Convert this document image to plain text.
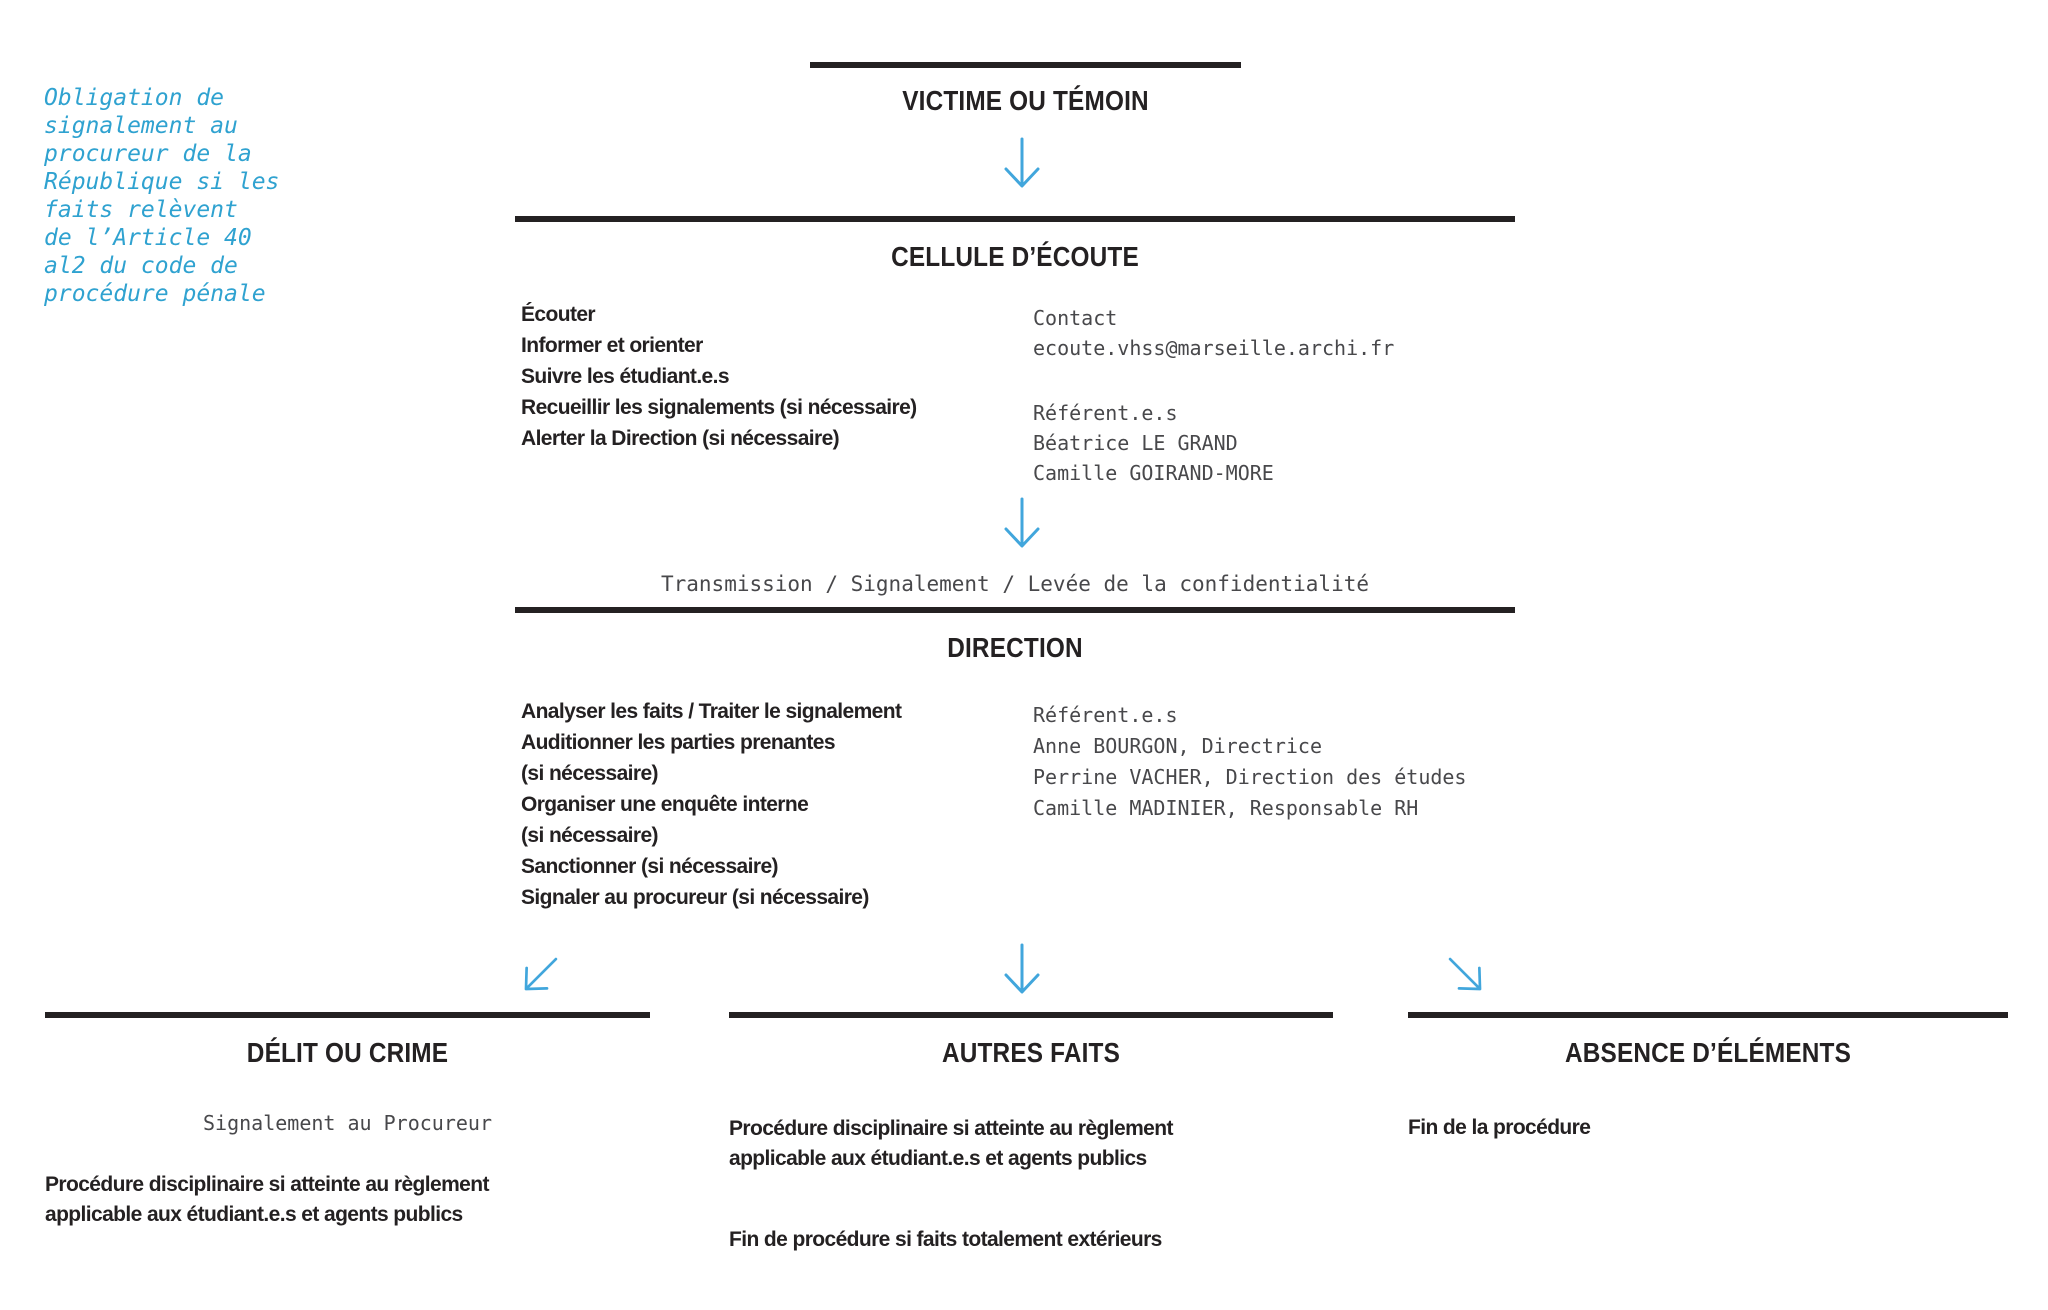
Obligation de
signalement au
procureur de la
République si les
faits relèvent
de l’Article 40
al2 du code de
procédure pénale
VICTIME OU TÉMOIN
CELLULE D’ÉCOUTE
Écouter
Informer et orienter
Suivre les étudiant.e.s
Recueillir les signalements (si nécessaire)
Alerter la Direction (si nécessaire)
Contact
ecoute.vhss@marseille.archi.fr
Référent.e.s
Béatrice LE GRAND
Camille GOIRAND-MORE
Transmission / Signalement / Levée de la confidentialité
DIRECTION
Analyser les faits / Traiter le signalement
Auditionner les parties prenantes
(si nécessaire)
Organiser une enquête interne
(si nécessaire)
Sanctionner (si nécessaire)
Signaler au procureur (si nécessaire)
Référent.e.s
Anne BOURGON, Directrice
Perrine VACHER, Direction des études
Camille MADINIER, Responsable RH
DÉLIT OU CRIME
Signalement au Procureur
Procédure disciplinaire si atteinte au règlement
applicable aux étudiant.e.s et agents publics
AUTRES FAITS
Procédure disciplinaire si atteinte au règlement
applicable aux étudiant.e.s et agents publics
Fin de procédure si faits totalement extérieurs
ABSENCE D’ÉLÉMENTS
Fin de la procédure
